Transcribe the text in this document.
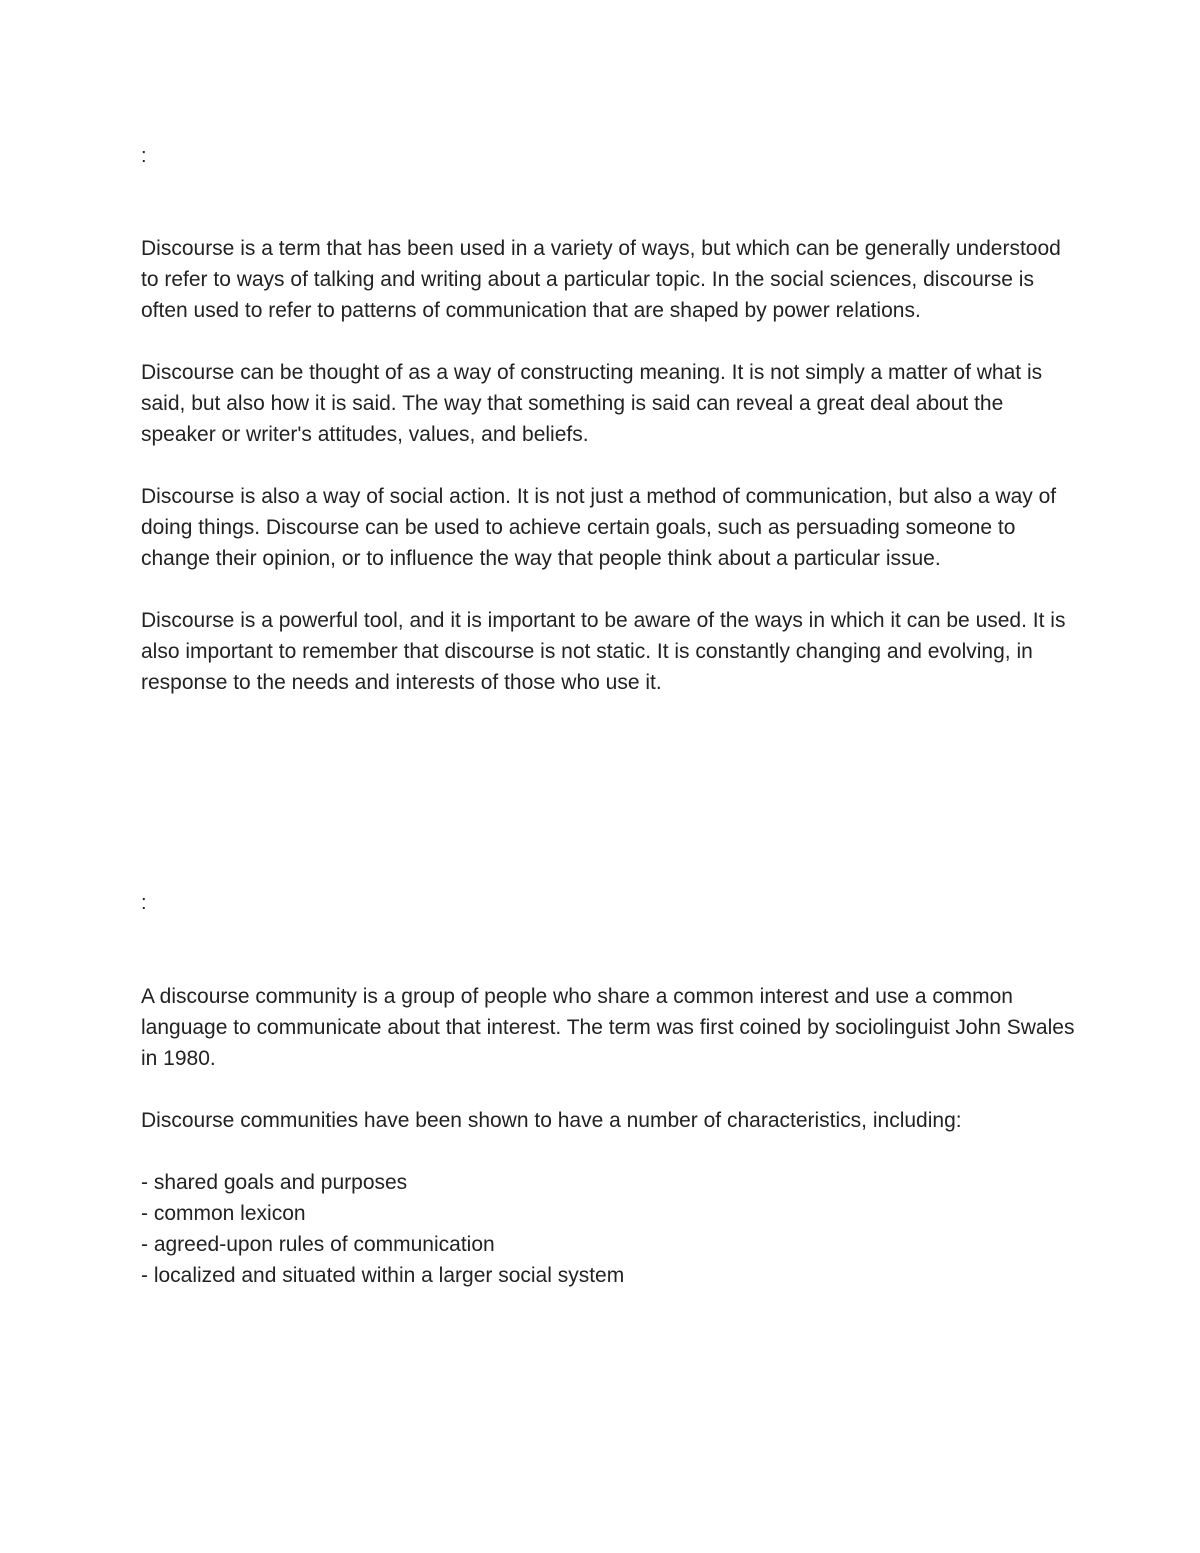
:

Discourse is a term that has been used in a variety of ways, but which can be generally understood to refer to ways of talking and writing about a particular topic. In the social sciences, discourse is often used to refer to patterns of communication that are shaped by power relations.

Discourse can be thought of as a way of constructing meaning. It is not simply a matter of what is said, but also how it is said. The way that something is said can reveal a great deal about the speaker or writer's attitudes, values, and beliefs.

Discourse is also a way of social action. It is not just a method of communication, but also a way of doing things. Discourse can be used to achieve certain goals, such as persuading someone to change their opinion, or to influence the way that people think about a particular issue.

Discourse is a powerful tool, and it is important to be aware of the ways in which it can be used. It is also important to remember that discourse is not static. It is constantly changing and evolving, in response to the needs and interests of those who use it.

:

A discourse community is a group of people who share a common interest and use a common language to communicate about that interest. The term was first coined by sociolinguist John Swales in 1980.

Discourse communities have been shown to have a number of characteristics, including:

- shared goals and purposes
- common lexicon
- agreed-upon rules of communication
- localized and situated within a larger social system
